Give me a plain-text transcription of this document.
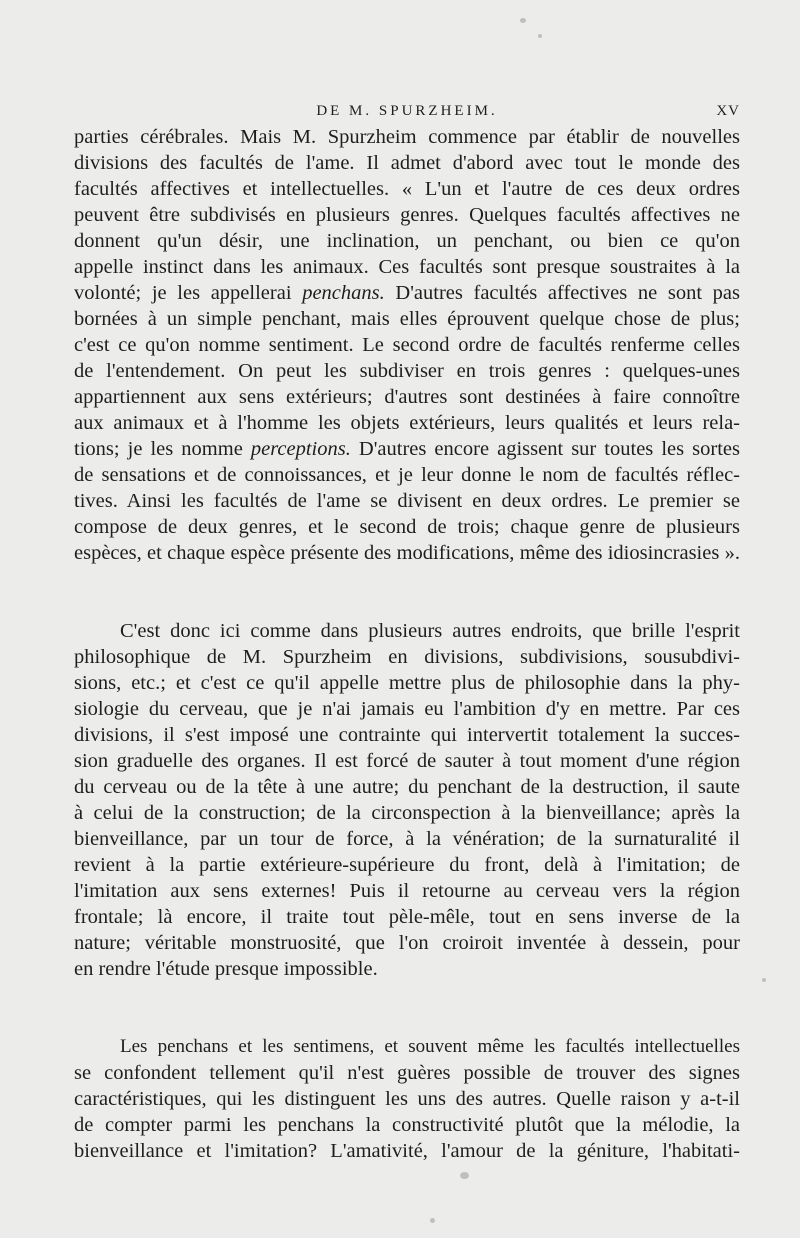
DE M. SPURZHEIM.	XV
parties cérébrales. Mais M. Spurzheim commence par établir de nouvelles
divisions des facultés de l'ame. Il admet d'abord avec tout le monde des
facultés affectives et intellectuelles. « L'un et l'autre de ces deux ordres
peuvent être subdivisés en plusieurs genres. Quelques facultés affectives ne
donnent qu'un désir, une inclination, un penchant, ou bien ce qu'on
appelle instinct dans les animaux. Ces facultés sont presque soustraites à la
volonté; je les appellerai penchans. D'autres facultés affectives ne sont pas
bornées à un simple penchant, mais elles éprouvent quelque chose de plus;
c'est ce qu'on nomme sentiment. Le second ordre de facultés renferme celles
de l'entendement. On peut les subdiviser en trois genres : quelques-unes
appartiennent aux sens extérieurs; d'autres sont destinées à faire connoître
aux animaux et à l'homme les objets extérieurs, leurs qualités et leurs rela-
tions; je les nomme perceptions. D'autres encore agissent sur toutes les sortes
de sensations et de connoissances, et je leur donne le nom de facultés réflec-
tives. Ainsi les facultés de l'ame se divisent en deux ordres. Le premier se
compose de deux genres, et le second de trois; chaque genre de plusieurs
espèces, et chaque espèce présente des modifications, même des idiosincrasies ».
C'est donc ici comme dans plusieurs autres endroits, que brille l'esprit
philosophique de M. Spurzheim en divisions, subdivisions, sousubdivi-
sions, etc.; et c'est ce qu'il appelle mettre plus de philosophie dans la phy-
siologie du cerveau, que je n'ai jamais eu l'ambition d'y en mettre. Par ces
divisions, il s'est imposé une contrainte qui intervertit totalement la succes-
sion graduelle des organes. Il est forcé de sauter à tout moment d'une région
du cerveau ou de la tête à une autre; du penchant de la destruction, il saute
à celui de la construction; de la circonspection à la bienveillance; après la
bienveillance, par un tour de force, à la vénération; de la surnaturalité il
revient à la partie extérieure-supérieure du front, delà à l'imitation; de
l'imitation aux sens externes! Puis il retourne au cerveau vers la région
frontale; là encore, il traite tout pèle-mêle, tout en sens inverse de la
nature; véritable monstruosité, que l'on croiroit inventée à dessein, pour
en rendre l'étude presque impossible.
Les penchans et les sentimens, et souvent même les facultés intellectuelles
se confondent tellement qu'il n'est guères possible de trouver des signes
caractéristiques, qui les distinguent les uns des autres. Quelle raison y a-t-il
de compter parmi les penchans la constructivité plutôt que la mélodie, la
bienveillance et l'imitation? L'amativité, l'amour de la géniture, l'habitati-
